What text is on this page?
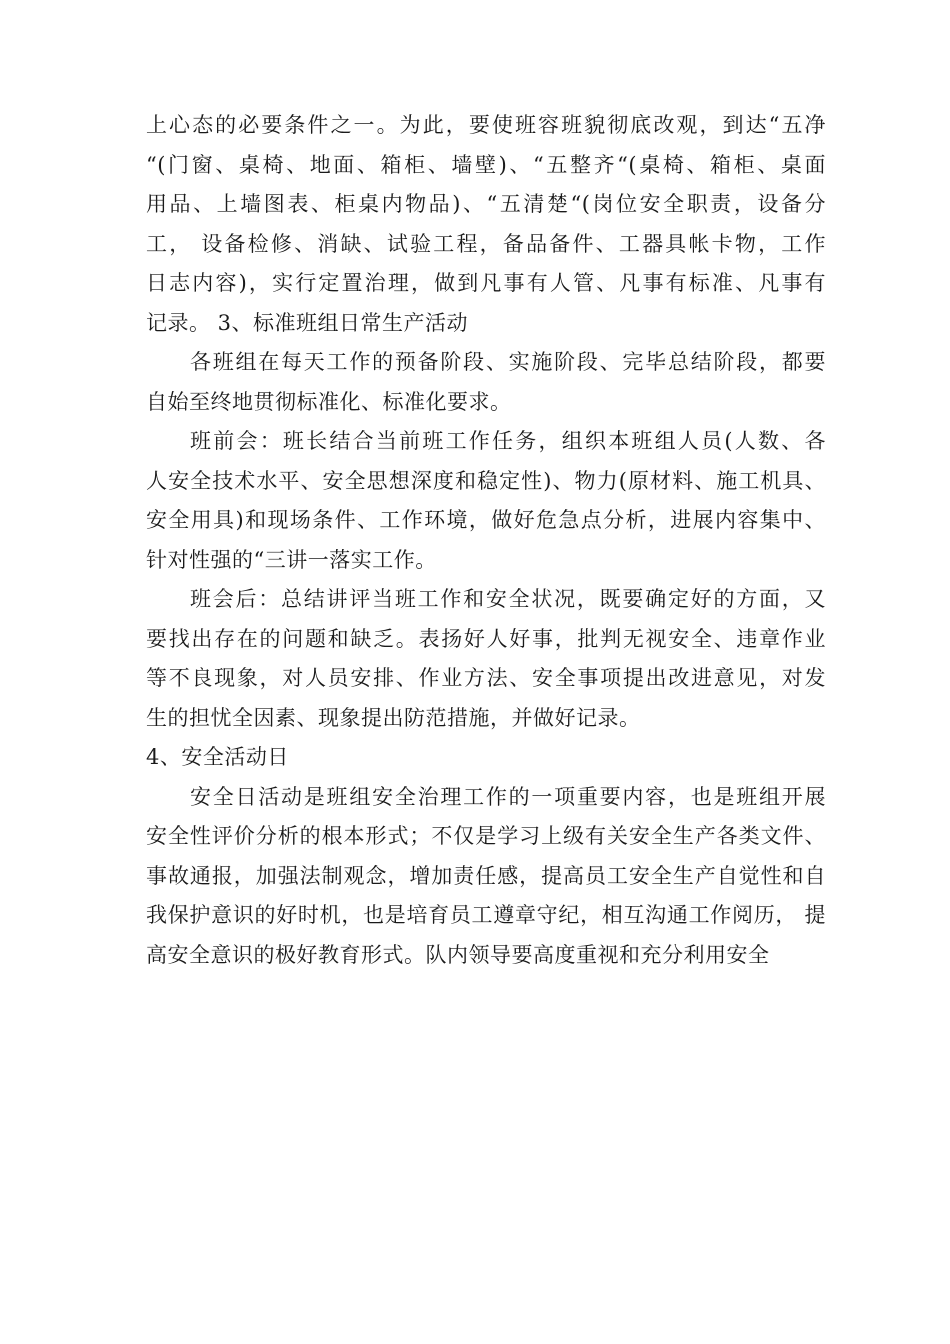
上心态的必要条件之一。为此，要使班容班貌彻底改观，到达“五净
“(门窗、桌椅、地面、箱柜、墙壁)、“五整齐“(桌椅、箱柜、桌面
用品、上墙图表、柜桌内物品)、“五清楚“(岗位安全职责，设备分
工， 设备检修、消缺、试验工程，备品备件、工器具帐卡物，工作
日志内容)，实行定置治理，做到凡事有人管、凡事有标准、凡事有
记录。 3、标准班组日常生产活动
各班组在每天工作的预备阶段、实施阶段、完毕总结阶段，都要
自始至终地贯彻标准化、标准化要求。
班前会：班长结合当前班工作任务，组织本班组人员(人数、各
人安全技术水平、安全思想深度和稳定性)、物力(原材料、施工机具、
安全用具)和现场条件、工作环境，做好危急点分析，进展内容集中、
针对性强的“三讲一落实工作。
班会后：总结讲评当班工作和安全状况，既要确定好的方面，又
要找出存在的问题和缺乏。表扬好人好事，批判无视安全、违章作业
等不良现象，对人员安排、作业方法、安全事项提出改进意见，对发
生的担忧全因素、现象提出防范措施，并做好记录。
4、安全活动日
安全日活动是班组安全治理工作的一项重要内容，也是班组开展
安全性评价分析的根本形式；不仅是学习上级有关安全生产各类文件、
事故通报，加强法制观念，增加责任感，提高员工安全生产自觉性和自
我保护意识的好时机，也是培育员工遵章守纪，相互沟通工作阅历， 提
高安全意识的极好教育形式。队内领导要高度重视和充分利用安全
